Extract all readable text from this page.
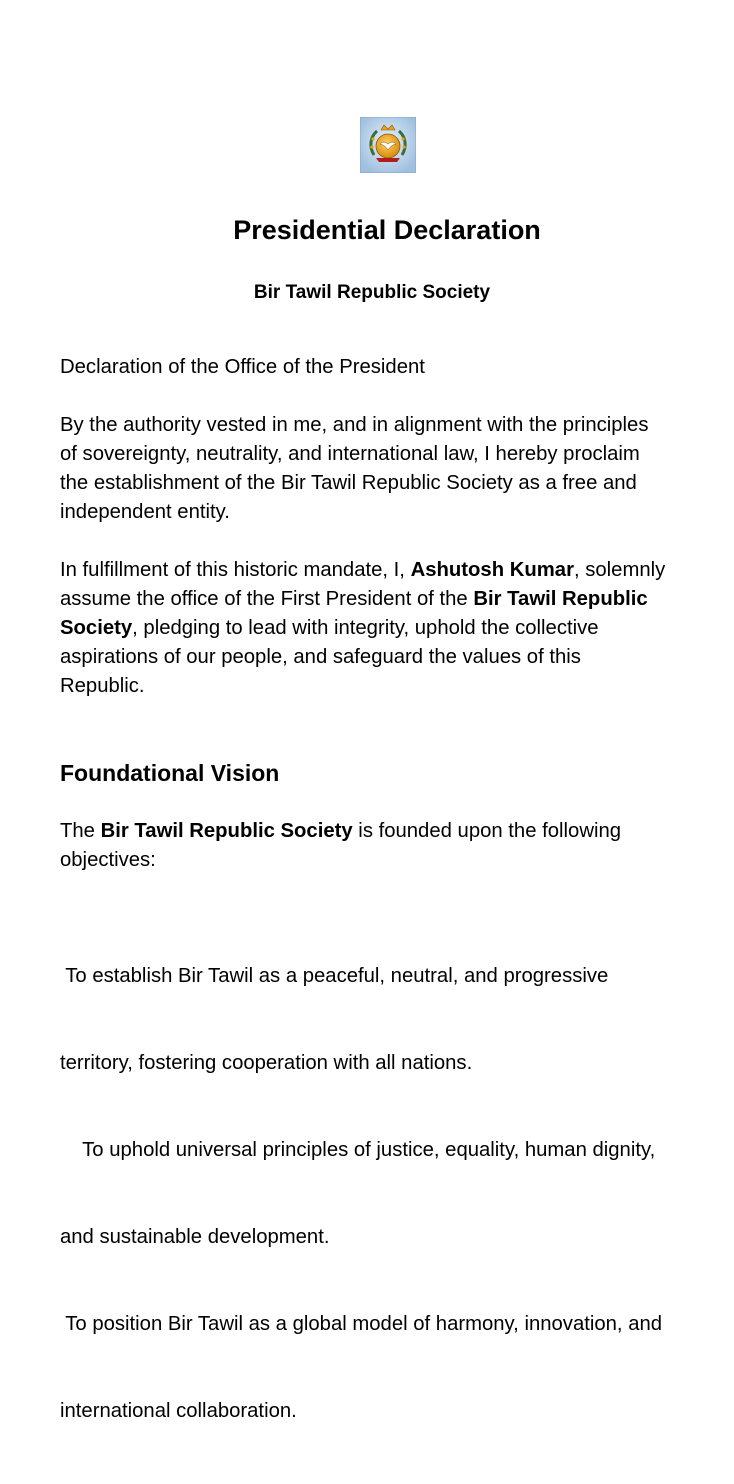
Presidential Declaration
Bir Tawil Republic Society

Declaration of the Office of the President

By the authority vested in me, and in alignment with the principles
of sovereignty, neutrality, and international law, I hereby proclaim
the establishment of the Bir Tawil Republic Society as a free and
independent entity.

In fulfillment of this historic mandate, I, Ashutosh Kumar, solemnly
assume the office of the First President of the Bir Tawil Republic
Society, pledging to lead with integrity, uphold the collective
aspirations of our people, and safeguard the values of this
Republic.

Foundational Vision

The Bir Tawil Republic Society is founded upon the following
objectives:

To establish Bir Tawil as a peaceful, neutral, and progressive

territory, fostering cooperation with all nations.

To uphold universal principles of justice, equality, human dignity,

and sustainable development.

To position Bir Tawil as a global model of harmony, innovation, and

international collaboration.
